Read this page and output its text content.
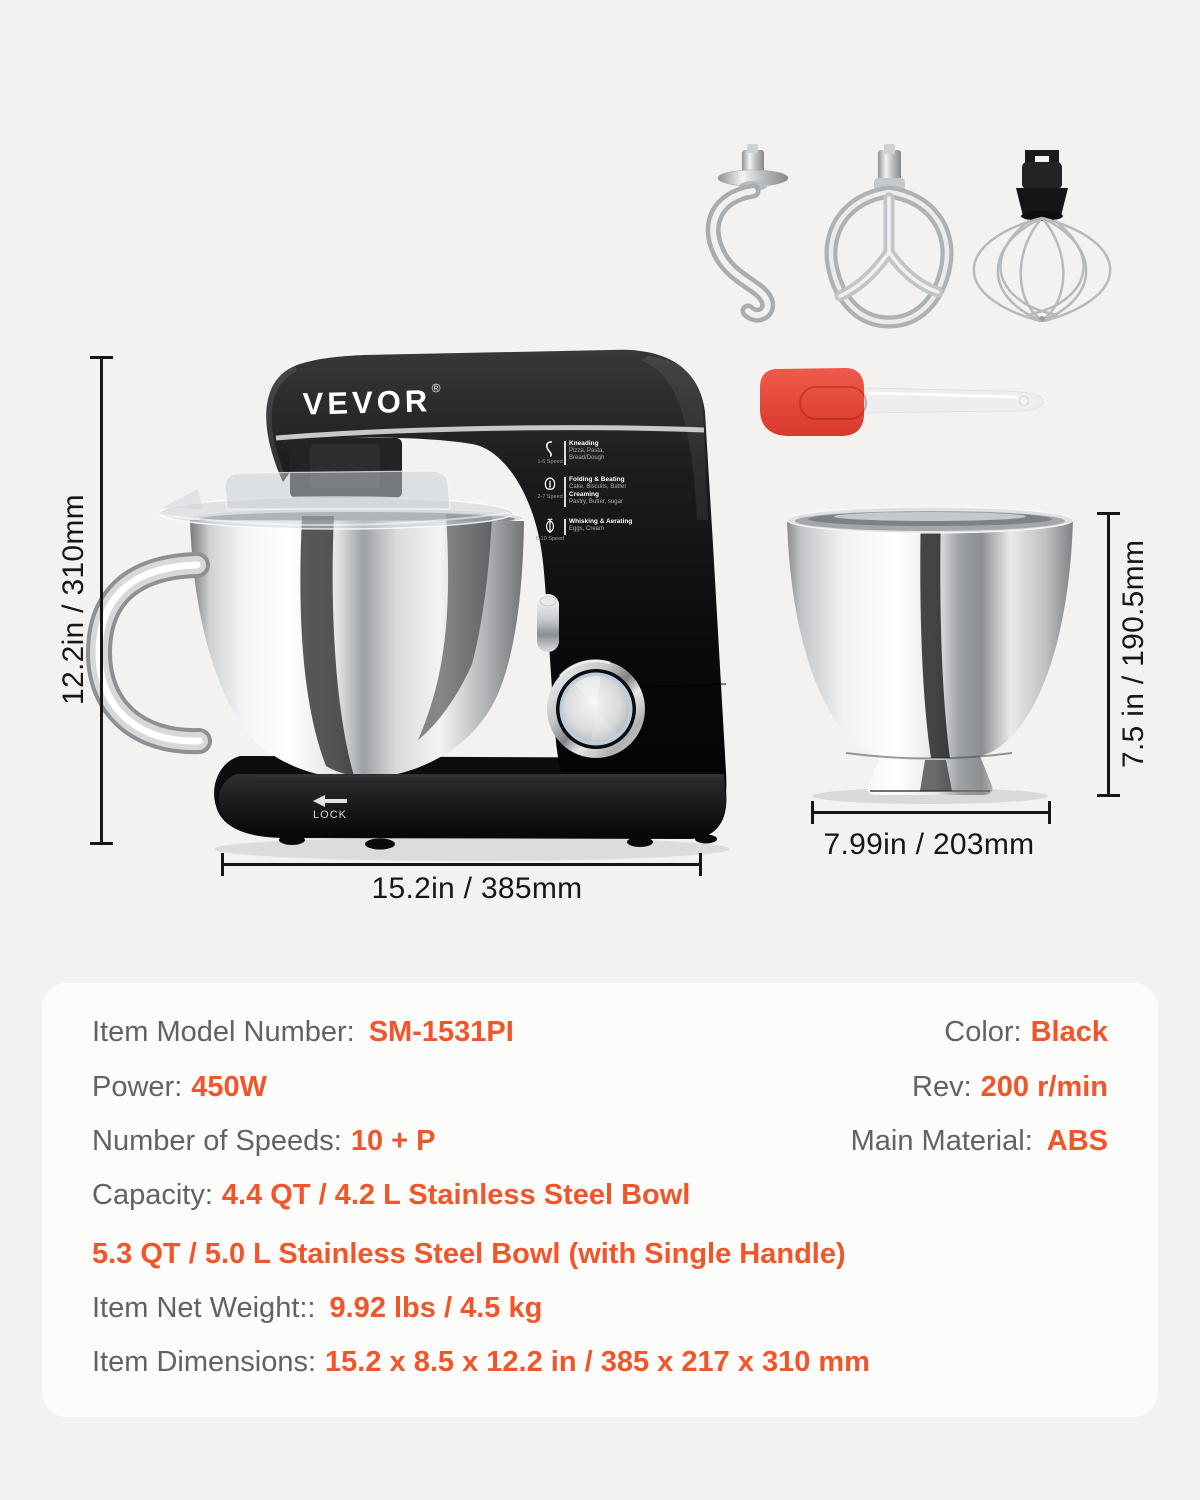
VEVOR ®
LOCK
12.2in / 310mm
15.2in / 385mm
7.5 in / 190.5mm
7.99in / 203mm
1-6 Speed
Kneading
Pizza, Pasta,
Bread/Dough
2-7 Speed
Folding & Beating
Cake, Biscuits, Batter
Creaming
Pastry, Butter, sugar
8-10 Speed
Whisking & Aerating
Eggs, Cream
Item Model Number: SM-1531PI	Color: Black
Power: 450W	Rev: 200 r/min
Number of Speeds: 10 + P	Main Material: ABS
Capacity: 4.4 QT / 4.2 L Stainless Steel Bowl
5.3 QT / 5.0 L Stainless Steel Bowl (with Single Handle)
Item Net Weight:: 9.92 lbs / 4.5 kg
Item Dimensions: 15.2 x 8.5 x 12.2 in / 385 x 217 x 310 mm
